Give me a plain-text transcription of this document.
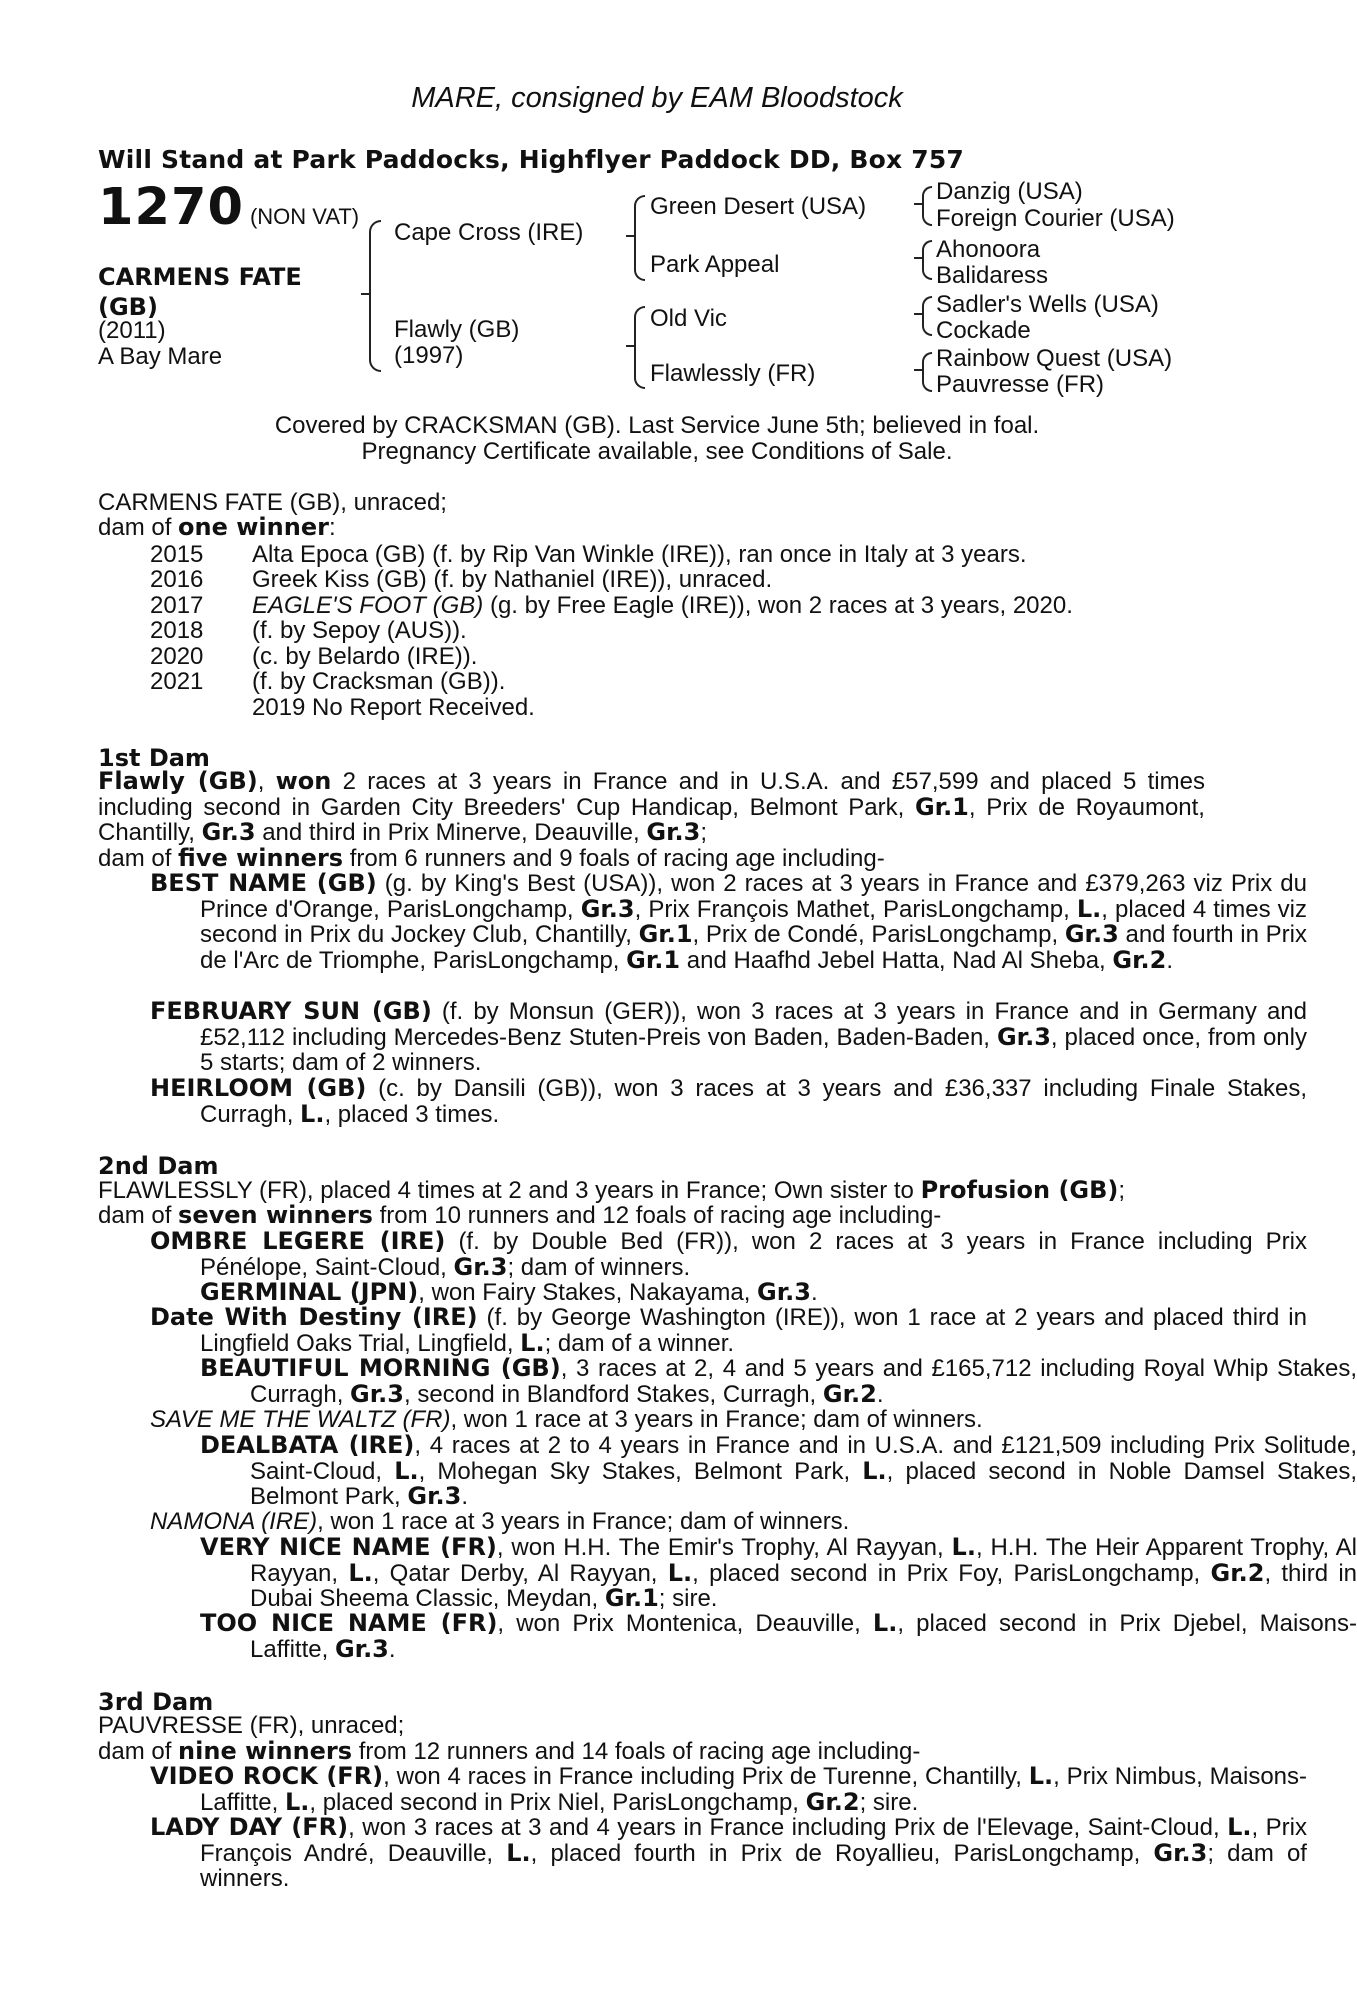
MARE, consigned by EAM Bloodstock
Will Stand at Park Paddocks, Highflyer Paddock DD, Box 757
1270 (NON VAT)
CARMENS FATE (GB)
(2011)
A Bay Mare
Cape Cross (IRE)
Flawly (GB)
(1997)
Green Desert (USA)
Park Appeal
Old Vic
Flawlessly (FR)
Danzig (USA)
Foreign Courier (USA)
Ahonoora
Balidaress
Sadler's Wells (USA)
Cockade
Rainbow Quest (USA)
Pauvresse (FR)
Covered by CRACKSMAN (GB). Last Service June 5th; believed in foal.
Pregnancy Certificate available, see Conditions of Sale.
CARMENS FATE (GB), unraced;
dam of one winner:
2015 Alta Epoca (GB) (f. by Rip Van Winkle (IRE)), ran once in Italy at 3 years.
2016 Greek Kiss (GB) (f. by Nathaniel (IRE)), unraced.
2017 EAGLE'S FOOT (GB) (g. by Free Eagle (IRE)), won 2 races at 3 years, 2020.
2018 (f. by Sepoy (AUS)).
2020 (c. by Belardo (IRE)).
2021 (f. by Cracksman (GB)).
2019 No Report Received.
1st Dam
Flawly (GB), won 2 races at 3 years in France and in U.S.A. and £57,599 and placed 5 times including second in Garden City Breeders' Cup Handicap, Belmont Park, Gr.1, Prix de Royaumont, Chantilly, Gr.3 and third in Prix Minerve, Deauville, Gr.3;
dam of five winners from 6 runners and 9 foals of racing age including-
BEST NAME (GB) (g. by King's Best (USA)), won 2 races at 3 years in France and £379,263 viz Prix du Prince d'Orange, ParisLongchamp, Gr.3, Prix François Mathet, ParisLongchamp, L., placed 4 times viz second in Prix du Jockey Club, Chantilly, Gr.1, Prix de Condé, ParisLongchamp, Gr.3 and fourth in Prix de l'Arc de Triomphe, ParisLongchamp, Gr.1 and Haafhd Jebel Hatta, Nad Al Sheba, Gr.2.
FEBRUARY SUN (GB) (f. by Monsun (GER)), won 3 races at 3 years in France and in Germany and £52,112 including Mercedes-Benz Stuten-Preis von Baden, Baden-Baden, Gr.3, placed once, from only 5 starts; dam of 2 winners.
HEIRLOOM (GB) (c. by Dansili (GB)), won 3 races at 3 years and £36,337 including Finale Stakes, Curragh, L., placed 3 times.
2nd Dam
FLAWLESSLY (FR), placed 4 times at 2 and 3 years in France; Own sister to Profusion (GB);
dam of seven winners from 10 runners and 12 foals of racing age including-
OMBRE LEGERE (IRE) (f. by Double Bed (FR)), won 2 races at 3 years in France including Prix Pénélope, Saint-Cloud, Gr.3; dam of winners.
GERMINAL (JPN), won Fairy Stakes, Nakayama, Gr.3.
Date With Destiny (IRE) (f. by George Washington (IRE)), won 1 race at 2 years and placed third in Lingfield Oaks Trial, Lingfield, L.; dam of a winner.
BEAUTIFUL MORNING (GB), 3 races at 2, 4 and 5 years and £165,712 including Royal Whip Stakes, Curragh, Gr.3, second in Blandford Stakes, Curragh, Gr.2.
SAVE ME THE WALTZ (FR), won 1 race at 3 years in France; dam of winners.
DEALBATA (IRE), 4 races at 2 to 4 years in France and in U.S.A. and £121,509 including Prix Solitude, Saint-Cloud, L., Mohegan Sky Stakes, Belmont Park, L., placed second in Noble Damsel Stakes, Belmont Park, Gr.3.
NAMONA (IRE), won 1 race at 3 years in France; dam of winners.
VERY NICE NAME (FR), won H.H. The Emir's Trophy, Al Rayyan, L., H.H. The Heir Apparent Trophy, Al Rayyan, L., Qatar Derby, Al Rayyan, L., placed second in Prix Foy, ParisLongchamp, Gr.2, third in Dubai Sheema Classic, Meydan, Gr.1; sire.
TOO NICE NAME (FR), won Prix Montenica, Deauville, L., placed second in Prix Djebel, Maisons-Laffitte, Gr.3.
3rd Dam
PAUVRESSE (FR), unraced;
dam of nine winners from 12 runners and 14 foals of racing age including-
VIDEO ROCK (FR), won 4 races in France including Prix de Turenne, Chantilly, L., Prix Nimbus, Maisons-Laffitte, L., placed second in Prix Niel, ParisLongchamp, Gr.2; sire.
LADY DAY (FR), won 3 races at 3 and 4 years in France including Prix de l'Elevage, Saint-Cloud, L., Prix François André, Deauville, L., placed fourth in Prix de Royallieu, ParisLongchamp, Gr.3; dam of winners.
